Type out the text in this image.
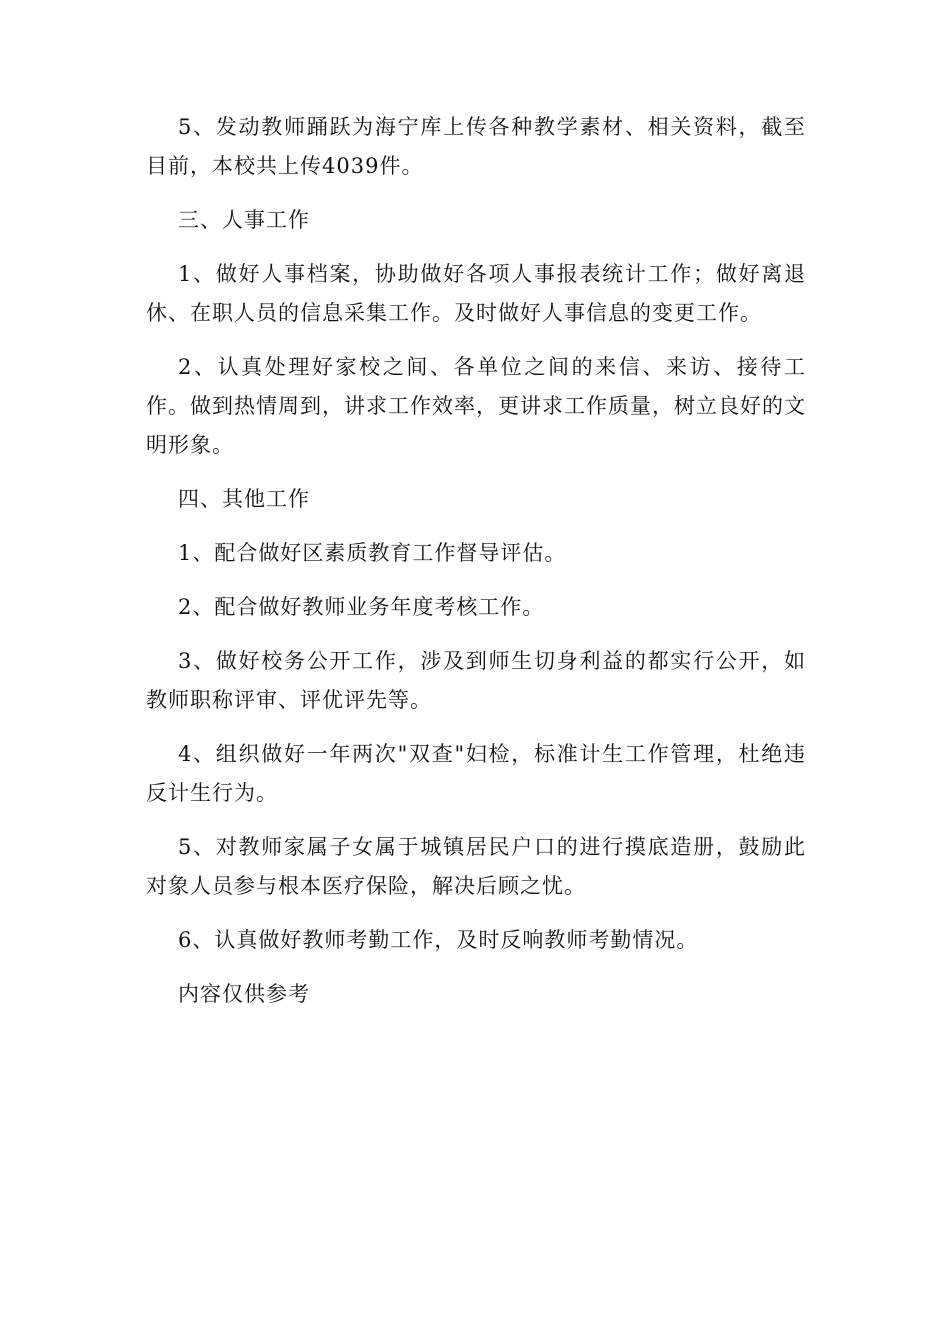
5、发动教师踊跃为海宁库上传各种教学素材、相关资料，截至目前，本校共上传4039件。

三、人事工作

1、做好人事档案，协助做好各项人事报表统计工作；做好离退休、在职人员的信息采集工作。及时做好人事信息的变更工作。

2、认真处理好家校之间、各单位之间的来信、来访、接待工作。做到热情周到，讲求工作效率，更讲求工作质量，树立良好的文明形象。

四、其他工作

1、配合做好区素质教育工作督导评估。

2、配合做好教师业务年度考核工作。

3、做好校务公开工作，涉及到师生切身利益的都实行公开，如教师职称评审、评优评先等。

4、组织做好一年两次"双查"妇检，标准计生工作管理，杜绝违反计生行为。

5、对教师家属子女属于城镇居民户口的进行摸底造册，鼓励此对象人员参与根本医疗保险，解决后顾之忧。

6、认真做好教师考勤工作，及时反响教师考勤情况。

内容仅供参考
